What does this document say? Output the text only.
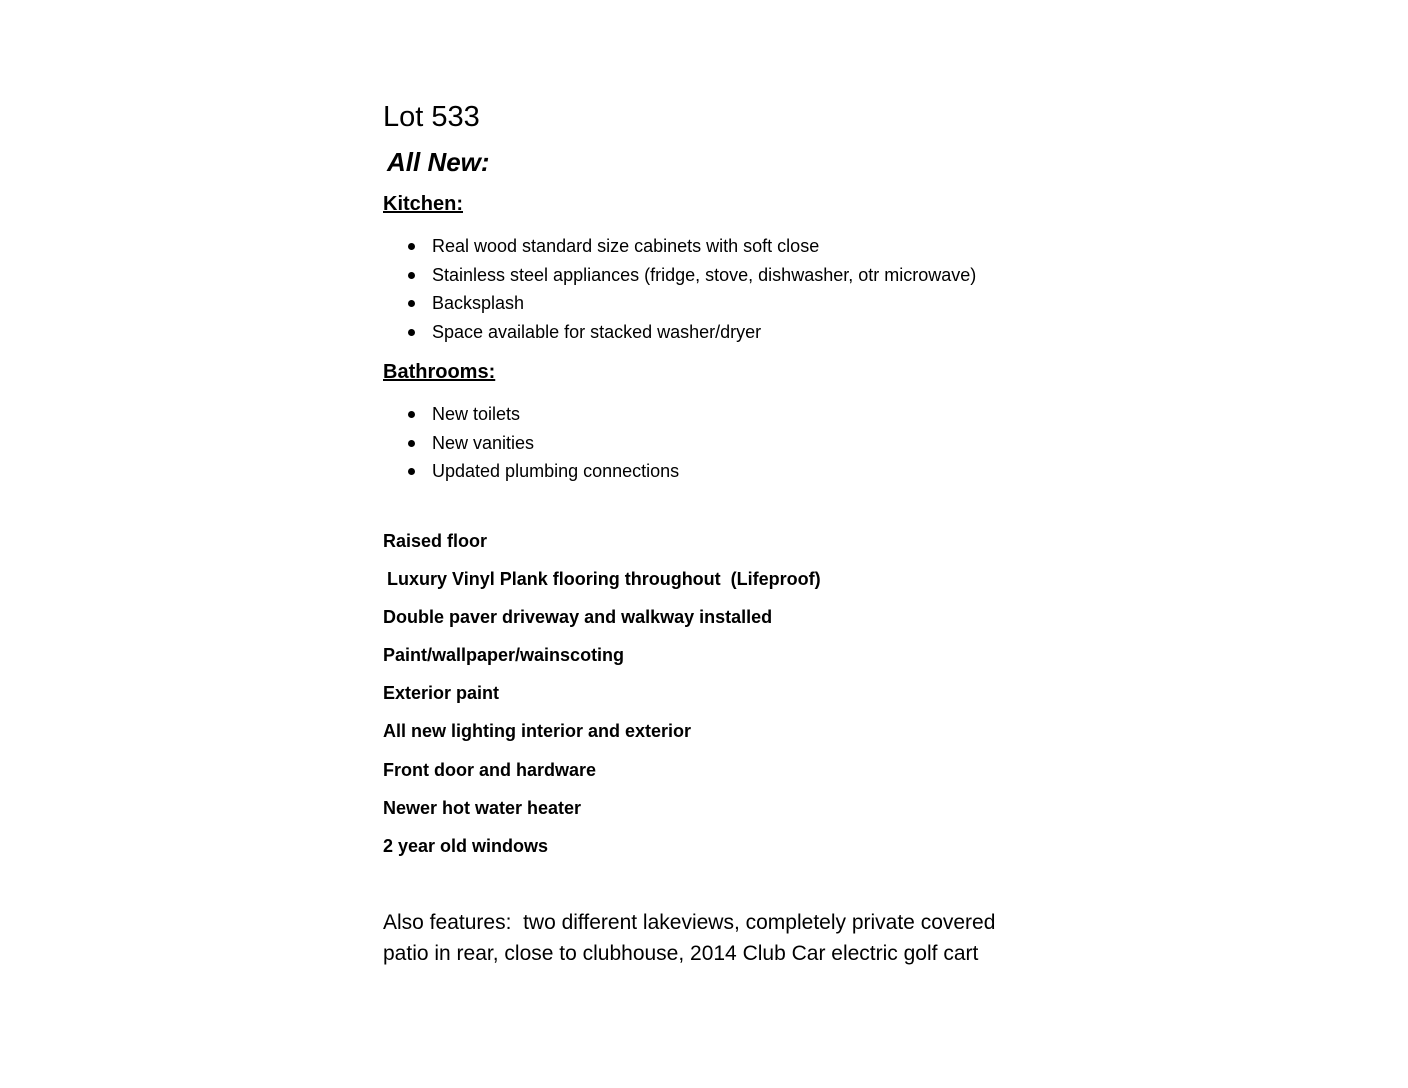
Lot 533
All New:
Kitchen:
Real wood standard size cabinets with soft close
Stainless steel appliances (fridge, stove, dishwasher, otr microwave)
Backsplash
Space available for stacked washer/dryer
Bathrooms:
New toilets
New vanities
Updated plumbing connections
Raised floor
Luxury Vinyl Plank flooring throughout  (Lifeproof)
Double paver driveway and walkway installed
Paint/wallpaper/wainscoting
Exterior paint
All new lighting interior and exterior
Front door and hardware
Newer hot water heater
2 year old windows
Also features:  two different lakeviews, completely private covered patio in rear, close to clubhouse, 2014 Club Car electric golf cart
